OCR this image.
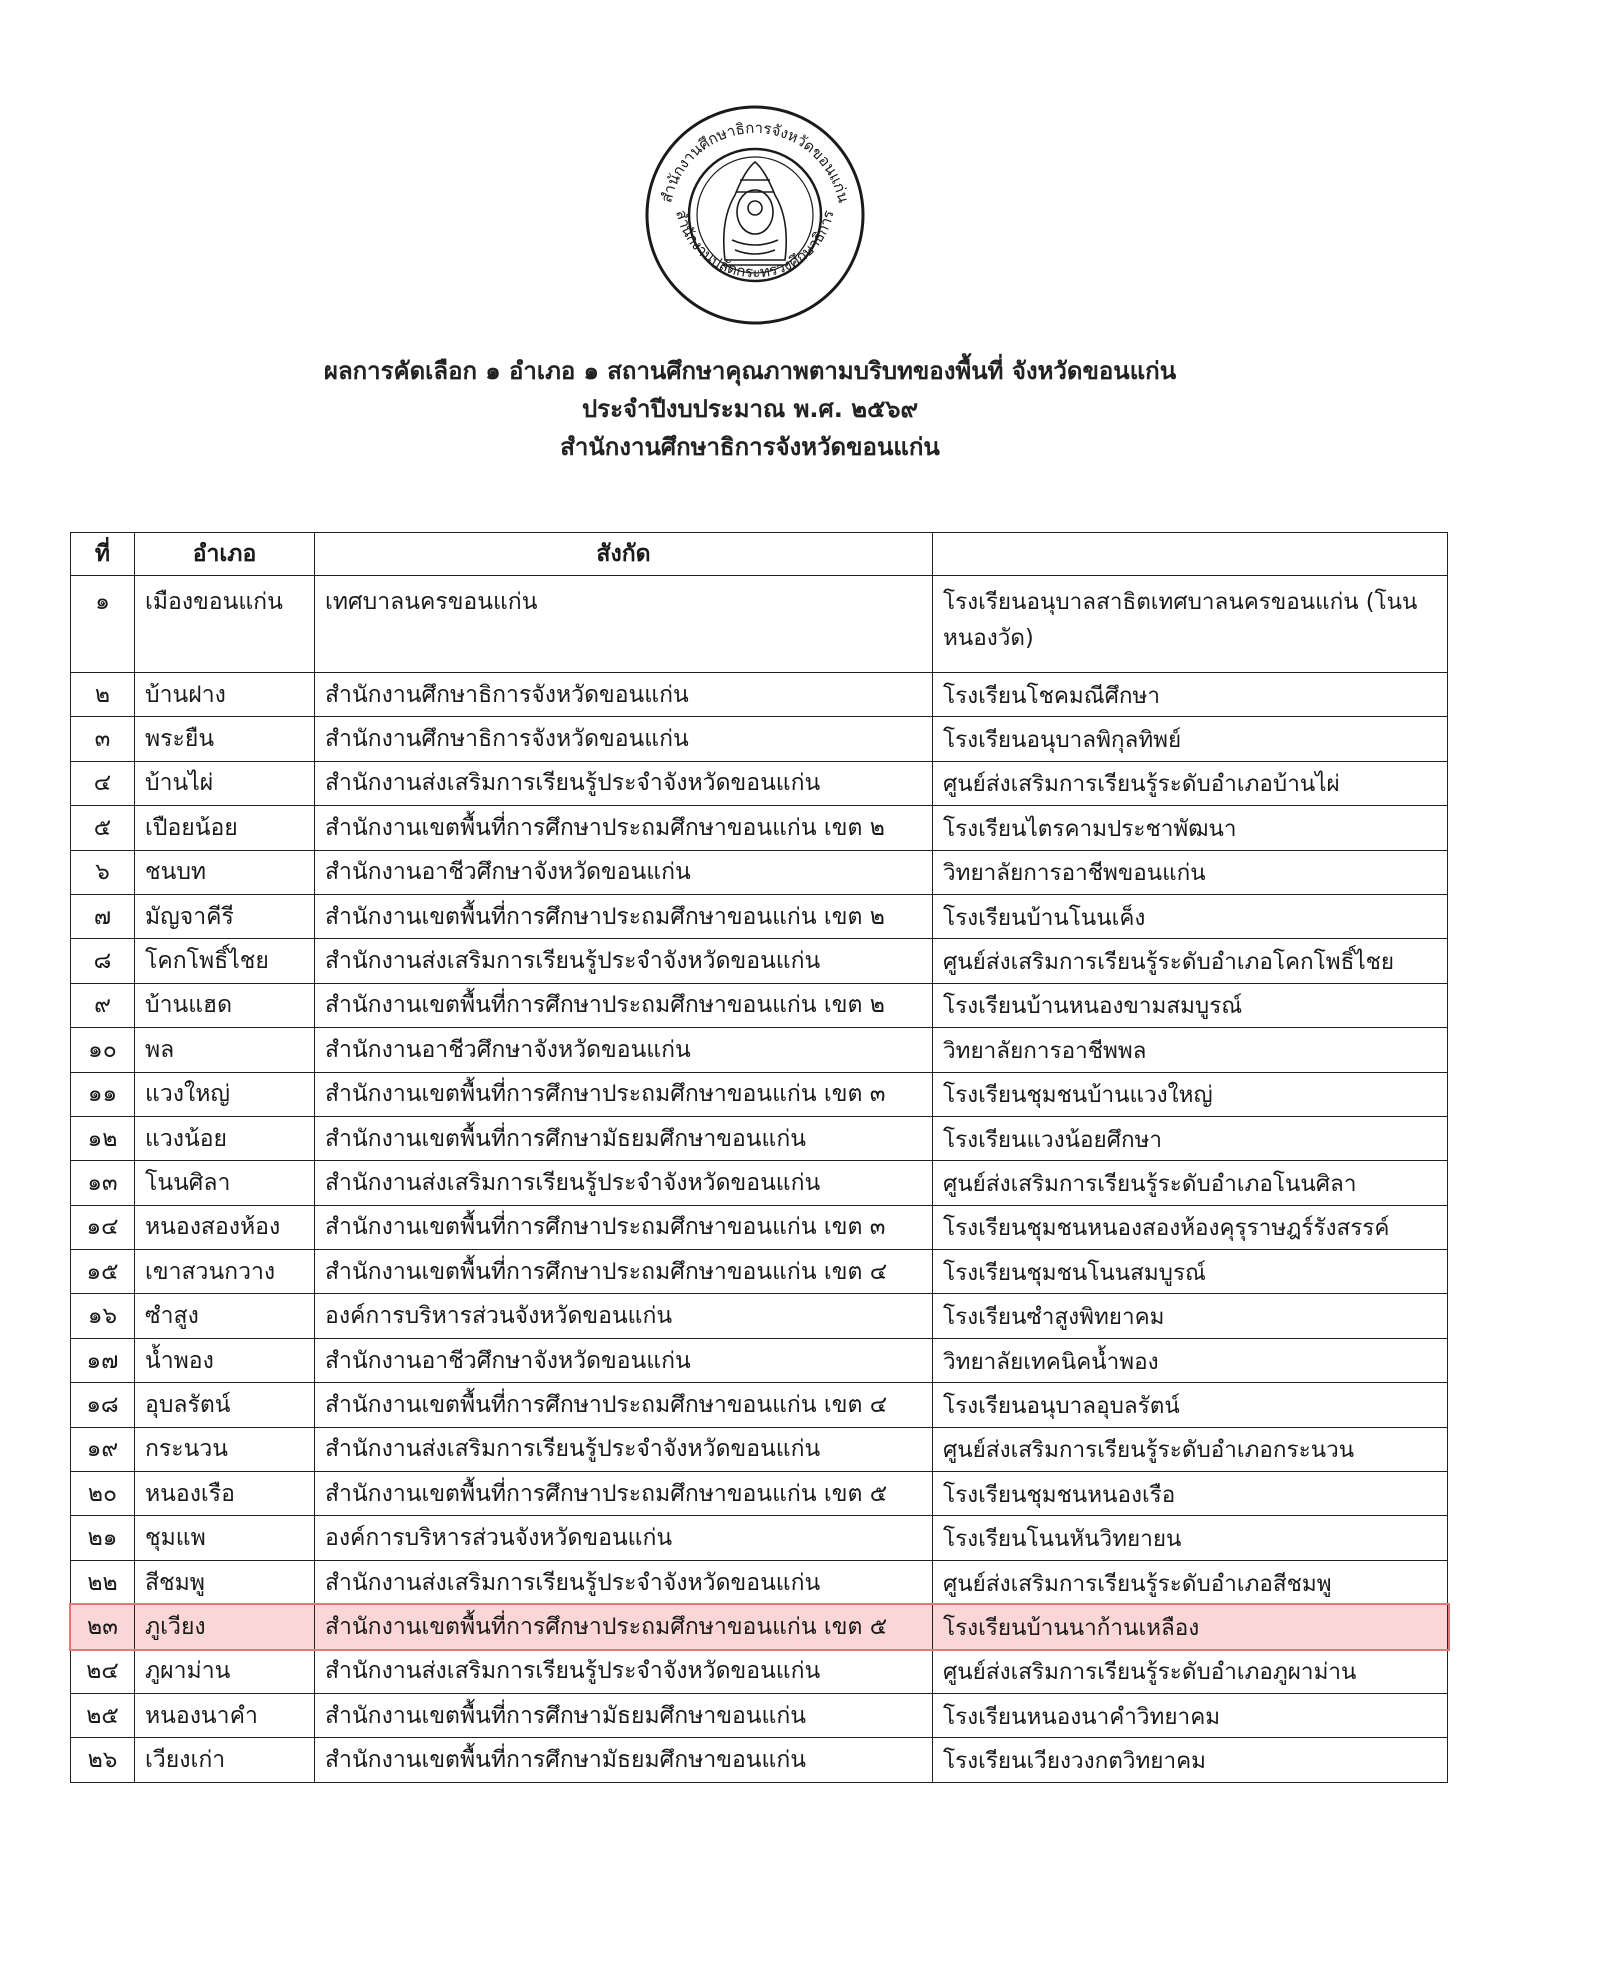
สำนักงานศึกษาธิการจังหวัดขอนแก่น
สำนักงานปลัดกระทรวงศึกษาธิการ
ผลการคัดเลือก ๑ อำเภอ ๑ สถานศึกษาคุณภาพตามบริบทของพื้นที่ จังหวัดขอนแก่น
ประจำปีงบประมาณ พ.ศ. ๒๕๖๙
สำนักงานศึกษาธิการจังหวัดขอนแก่น
ที่	อำเภอ	สังกัด	
๑	เมืองขอนแก่น	เทศบาลนครขอนแก่น	โรงเรียนอนุบาลสาธิตเทศบาลนครขอนแก่น (โนนหนองวัด)
๒	บ้านฝาง	สำนักงานศึกษาธิการจังหวัดขอนแก่น	โรงเรียนโชคมณีศึกษา
๓	พระยืน	สำนักงานศึกษาธิการจังหวัดขอนแก่น	โรงเรียนอนุบาลพิกุลทิพย์
๔	บ้านไผ่	สำนักงานส่งเสริมการเรียนรู้ประจำจังหวัดขอนแก่น	ศูนย์ส่งเสริมการเรียนรู้ระดับอำเภอบ้านไผ่
๕	เปือยน้อย	สำนักงานเขตพื้นที่การศึกษาประถมศึกษาขอนแก่น เขต ๒	โรงเรียนไตรคามประชาพัฒนา
๖	ชนบท	สำนักงานอาชีวศึกษาจังหวัดขอนแก่น	วิทยาลัยการอาชีพขอนแก่น
๗	มัญจาคีรี	สำนักงานเขตพื้นที่การศึกษาประถมศึกษาขอนแก่น เขต ๒	โรงเรียนบ้านโนนเค็ง
๘	โคกโพธิ์ไชย	สำนักงานส่งเสริมการเรียนรู้ประจำจังหวัดขอนแก่น	ศูนย์ส่งเสริมการเรียนรู้ระดับอำเภอโคกโพธิ์ไชย
๙	บ้านแฮด	สำนักงานเขตพื้นที่การศึกษาประถมศึกษาขอนแก่น เขต ๒	โรงเรียนบ้านหนองขามสมบูรณ์
๑๐	พล	สำนักงานอาชีวศึกษาจังหวัดขอนแก่น	วิทยาลัยการอาชีพพล
๑๑	แวงใหญ่	สำนักงานเขตพื้นที่การศึกษาประถมศึกษาขอนแก่น เขต ๓	โรงเรียนชุมชนบ้านแวงใหญ่
๑๒	แวงน้อย	สำนักงานเขตพื้นที่การศึกษามัธยมศึกษาขอนแก่น	โรงเรียนแวงน้อยศึกษา
๑๓	โนนศิลา	สำนักงานส่งเสริมการเรียนรู้ประจำจังหวัดขอนแก่น	ศูนย์ส่งเสริมการเรียนรู้ระดับอำเภอโนนศิลา
๑๔	หนองสองห้อง	สำนักงานเขตพื้นที่การศึกษาประถมศึกษาขอนแก่น เขต ๓	โรงเรียนชุมชนหนองสองห้องคุรุราษฎร์รังสรรค์
๑๕	เขาสวนกวาง	สำนักงานเขตพื้นที่การศึกษาประถมศึกษาขอนแก่น เขต ๔	โรงเรียนชุมชนโนนสมบูรณ์
๑๖	ซำสูง	องค์การบริหารส่วนจังหวัดขอนแก่น	โรงเรียนซำสูงพิทยาคม
๑๗	น้ำพอง	สำนักงานอาชีวศึกษาจังหวัดขอนแก่น	วิทยาลัยเทคนิคน้ำพอง
๑๘	อุบลรัตน์	สำนักงานเขตพื้นที่การศึกษาประถมศึกษาขอนแก่น เขต ๔	โรงเรียนอนุบาลอุบลรัตน์
๑๙	กระนวน	สำนักงานส่งเสริมการเรียนรู้ประจำจังหวัดขอนแก่น	ศูนย์ส่งเสริมการเรียนรู้ระดับอำเภอกระนวน
๒๐	หนองเรือ	สำนักงานเขตพื้นที่การศึกษาประถมศึกษาขอนแก่น เขต ๕	โรงเรียนชุมชนหนองเรือ
๒๑	ชุมแพ	องค์การบริหารส่วนจังหวัดขอนแก่น	โรงเรียนโนนหันวิทยายน
๒๒	สีชมพู	สำนักงานส่งเสริมการเรียนรู้ประจำจังหวัดขอนแก่น	ศูนย์ส่งเสริมการเรียนรู้ระดับอำเภอสีชมพู
๒๓	ภูเวียง	สำนักงานเขตพื้นที่การศึกษาประถมศึกษาขอนแก่น เขต ๕	โรงเรียนบ้านนาก้านเหลือง
๒๔	ภูผาม่าน	สำนักงานส่งเสริมการเรียนรู้ประจำจังหวัดขอนแก่น	ศูนย์ส่งเสริมการเรียนรู้ระดับอำเภอภูผาม่าน
๒๕	หนองนาคำ	สำนักงานเขตพื้นที่การศึกษามัธยมศึกษาขอนแก่น	โรงเรียนหนองนาคำวิทยาคม
๒๖	เวียงเก่า	สำนักงานเขตพื้นที่การศึกษามัธยมศึกษาขอนแก่น	โรงเรียนเวียงวงกตวิทยาคม
